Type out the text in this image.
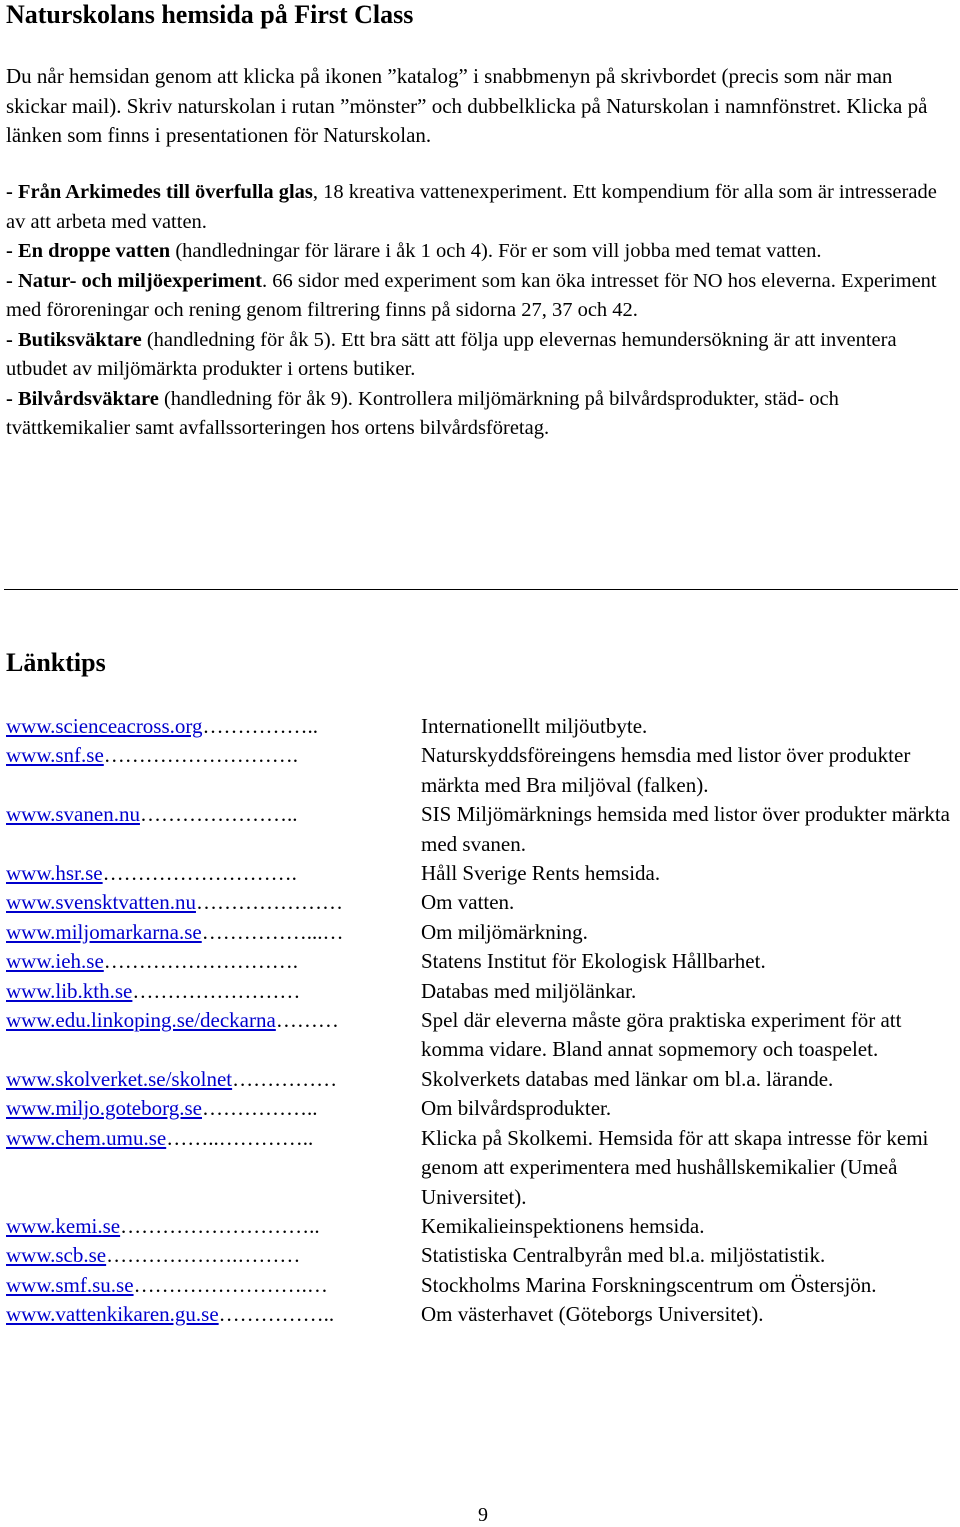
Naturskolans hemsida på First Class

Du når hemsidan genom att klicka på ikonen ”katalog” i snabbmenyn på skrivbordet (precis som när man skickar mail). Skriv naturskolan i rutan ”mönster” och dubbelklicka på Naturskolan i namnfönstret. Klicka på länken som finns i presentationen för Naturskolan.

- Från Arkimedes till överfulla glas, 18 kreativa vattenexperiment. Ett kompendium för alla som är intresserade av att arbeta med vatten.
- En droppe vatten (handledningar för lärare i åk 1 och 4). För er som vill jobba med temat vatten.
- Natur- och miljöexperiment. 66 sidor med experiment som kan öka intresset för NO hos eleverna. Experiment med föroreningar och rening genom filtrering finns på sidorna 27, 37 och 42.
- Butiksväktare (handledning för åk 5). Ett bra sätt att följa upp elevernas hemundersökning är att inventera utbudet av miljömärkta produkter i ortens butiker.
- Bilvårdsväktare (handledning för åk 9). Kontrollera miljömärkning på bilvårdsprodukter, städ- och tvättkemikalier samt avfallssorteringen hos ortens bilvårdsföretag.
Länktips
www.scienceacross.org……………..	Internationellt miljöutbyte.
www.snf.se……………………….	Naturskyddsföreingens hemsdia med listor över produkter märkta med Bra miljöval (falken).
www.svanen.nu…………………..	SIS Miljömärknings hemsida med listor över produkter märkta med svanen.
www.hsr.se……………………….	Håll Sverige Rents hemsida.
www.svensktvatten.nu…………………	Om vatten.
www.miljomarkarna.se……………...…	Om miljömärkning.
www.ieh.se……………………….	Statens Institut för Ekologisk Hållbarhet.
www.lib.kth.se……………………	Databas med miljölänkar.
www.edu.linkoping.se/deckarna………	Spel där eleverna måste göra praktiska experiment för att komma vidare. Bland annat sopmemory och toaspelet.
www.skolverket.se/skolnet……………	Skolverkets databas med länkar om bl.a. lärande.
www.miljo.goteborg.se……………..	Om bilvårdsprodukter.
www.chem.umu.se……..…………..	Klicka på Skolkemi. Hemsida för att skapa intresse för kemi genom att experimentera med hushållskemikalier (Umeå Universitet).
www.kemi.se………………………..	Kemikalieinspektionens hemsida.
www.scb.se……………….………	Statistiska Centralbyrån med bl.a. miljöstatistik.
www.smf.su.se…………………….…	Stockholms Marina Forskningscentrum om Östersjön.
www.vattenkikaren.gu.se……………..	Om västerhavet (Göteborgs Universitet).
9
